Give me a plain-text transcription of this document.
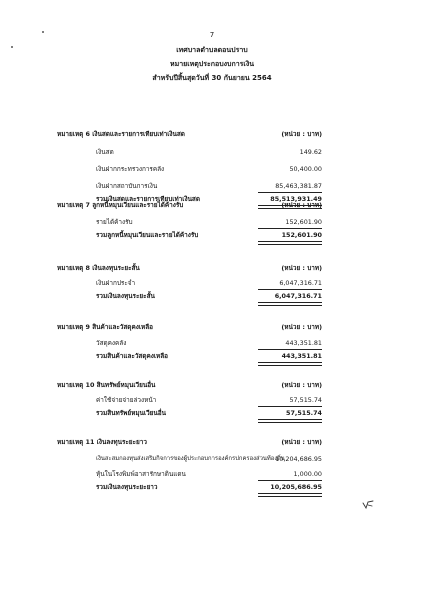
7
เทศบาลตำบลดอนปราบ
หมายเหตุประกอบงบการเงิน
สำหรับปีสิ้นสุดวันที่ 30 กันยายน 2564
หมายเหตุ 6 เงินสดและรายการเทียบเท่าเงินสด	(หน่วย : บาท)
เงินสด	149.62
เงินฝากกระทรวงการคลัง	50,400.00
เงินฝากสถาบันการเงิน	85,463,381.87
รวมเงินสดและรายการเทียบเท่าเงินสด	85,513,931.49
หมายเหตุ 7 ลูกหนี้หมุนเวียนและรายได้ค้างรับ	(หน่วย : บาท)
รายได้ค้างรับ	152,601.90
รวมลูกหนี้หมุนเวียนและรายได้ค้างรับ	152,601.90
หมายเหตุ 8 เงินลงทุนระยะสั้น	(หน่วย : บาท)
เงินฝากประจำ	6,047,316.71
รวมเงินลงทุนระยะสั้น	6,047,316.71
หมายเหตุ 9 สินค้าและวัสดุคงเหลือ	(หน่วย : บาท)
วัสดุคงคลัง	443,351.81
รวมสินค้าและวัสดุคงเหลือ	443,351.81
หมายเหตุ 10 สินทรัพย์หมุนเวียนอื่น	(หน่วย : บาท)
ค่าใช้จ่ายจ่ายล่วงหน้า	57,515.74
รวมสินทรัพย์หมุนเวียนอื่น	57,515.74
หมายเหตุ 11 เงินลงทุนระยะยาว	(หน่วย : บาท)
เงินสะสมกองทุนส่งเสริมกิจการของผู้ประกอบการองค์กรปกครองส่วนท้องถิ่น
10,204,686.95
หุ้นในโรงพิมพ์อาสารักษาดินแดน	1,000.00
รวมเงินลงทุนระยะยาว	10,205,686.95
